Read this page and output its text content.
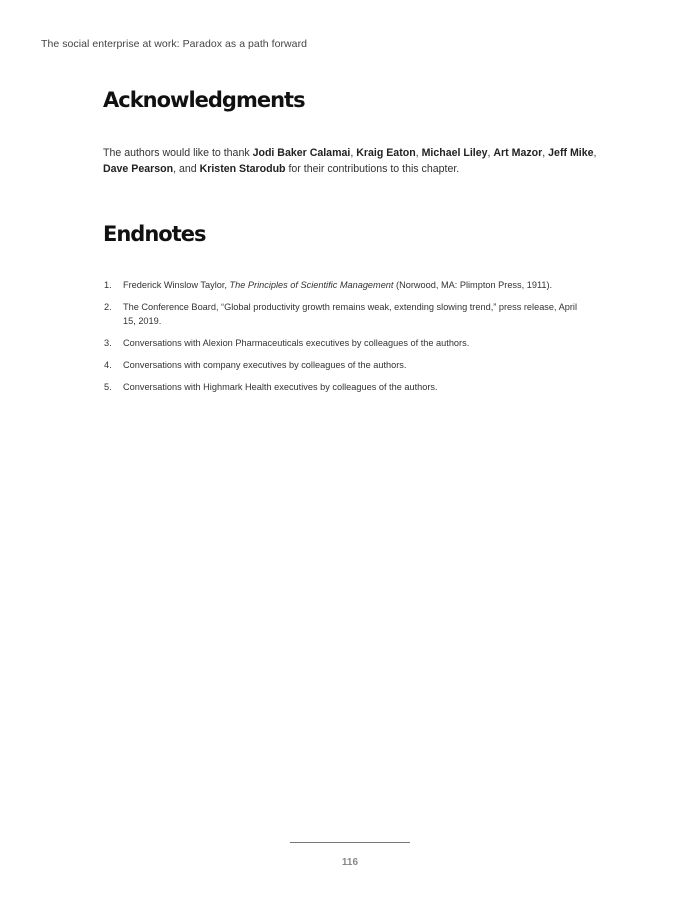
The social enterprise at work: Paradox as a path forward
Acknowledgments

The authors would like to thank Jodi Baker Calamai, Kraig Eaton, Michael Liley, Art Mazor, Jeff Mike, Dave Pearson, and Kristen Starodub for their contributions to this chapter.

Endnotes
1. Frederick Winslow Taylor, The Principles of Scientific Management (Norwood, MA: Plimpton Press, 1911).
2. The Conference Board, “Global productivity growth remains weak, extending slowing trend,” press release, April 15, 2019.
3. Conversations with Alexion Pharmaceuticals executives by colleagues of the authors.
4. Conversations with company executives by colleagues of the authors.
5. Conversations with Highmark Health executives by colleagues of the authors.
116
